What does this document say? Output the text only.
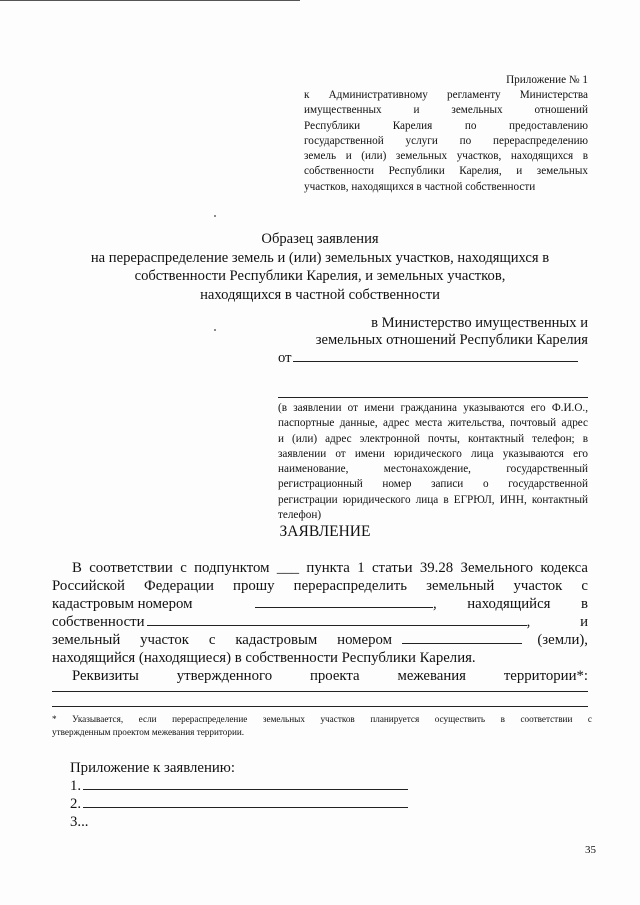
Приложение № 1
к Административному регламенту Министерства
имущественных и земельных отношений
Республики Карелия по предоставлению
государственной услуги по перераспределению
земель и (или) земельных участков, находящихся в
собственности Республики Карелия, и земельных
участков, находящихся в частной собственности
Образец заявления
на перераспределение земель и (или) земельных участков, находящихся в
собственности Республики Карелия, и земельных участков,
находящихся в частной собственности
в Министерство имущественных и
земельных отношений Республики Карелия
от
(в заявлении от имени гражданина указываются его Ф.И.О.,
паспортные данные, адрес места жительства, почтовый адрес
и (или) адрес электронной почты, контактный телефон; в
заявлении от имени юридического лица указываются его
наименование, местонахождение, государственный
регистрационный номер записи о государственной
регистрации юридического лица в ЕГРЮЛ, ИНН, контактный
телефон)
ЗАЯВЛЕНИЕ
В соответствии с подпунктом ___ пункта 1 статьи 39.28 Земельного кодекса
Российской Федерации прошу перераспределить земельный участок с
кадастровым номером	, находящийся в
собственности	, и
земельный участок с кадастровым номером	(земли),
находящийся (находящиеся) в собственности Республики Карелия.
Реквизиты утвержденного проекта межевания территории*:
* Указывается, если перераспределение земельных участков планируется осуществить в соответствии с
утвержденным проектом межевания территории.
Приложение к заявлению:
1.
2.
3...
35
